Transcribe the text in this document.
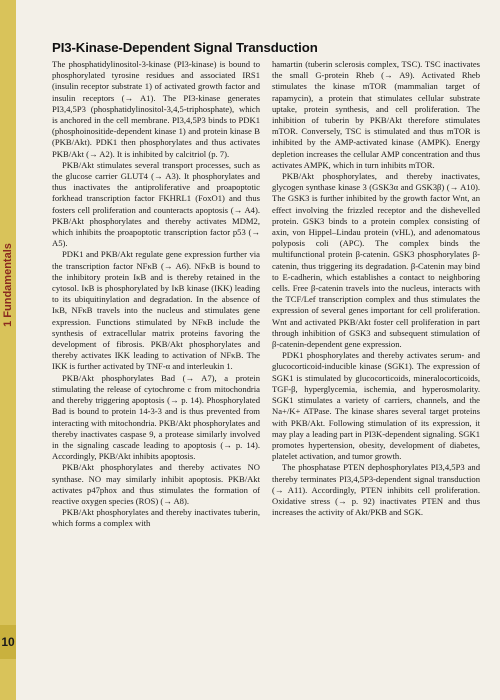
1 Fundamentals
10
PI3-Kinase-Dependent Signal Transduction

The phosphatidylinositol-3-kinase (PI3-kinase) is bound to phosphorylated tyrosine residues and associated IRS1 (insulin receptor substrate 1) of activated growth factor and insulin receptors (→ A1). The PI3-kinase generates PI3,4,5P3 (phosphatidylinositol-3,4,5-triphosphate), which is anchored in the cell membrane. PI3,4,5P3 binds to PDK1 (phosphoinositide-dependent kinase 1) and protein kinase B (PKB/Akt). PDK1 then phosphorylates and thus activates PKB/Akt (→ A2). It is inhibited by calcitriol (p. 7).

PKB/Akt stimulates several transport processes, such as the glucose carrier GLUT4 (→ A3). It phosphorylates and thus inactivates the antiproliferative and proapoptotic forkhead transcription factor FKHRL1 (FoxO1) and thus fosters cell proliferation and counteracts apoptosis (→ A4). PKB/Akt phosphorylates and thereby activates MDM2, which inhibits the proapoptotic transcription factor p53 (→ A5).

PDK1 and PKB/Akt regulate gene expression further via the transcription factor NFκB (→ A6). NFκB is bound to the inhibitory protein IκB and is thereby retained in the cytosol. IκB is phosphorylated by IκB kinase (IKK) leading to its ubiquitinylation and degradation. In the absence of IκB, NFκB travels into the nucleus and stimulates gene expression. Functions stimulated by NFκB include the synthesis of extracellular matrix proteins favoring the development of fibrosis. PKB/Akt phosphorylates and thereby activates IKK leading to activation of NFκB. The IKK is further activated by TNF-α and interleukin 1.

PKB/Akt phosphorylates Bad (→ A7), a protein stimulating the release of cytochrome c from mitochondria and thereby triggering apoptosis (→ p. 14). Phosphorylated Bad is bound to protein 14-3-3 and is thus prevented from interacting with mitochondria. PKB/Akt phosphorylates and thereby inactivates caspase 9, a protease similarly involved in the signaling cascade leading to apoptosis (→ p. 14). Accordingly, PKB/Akt inhibits apoptosis.

PKB/Akt phosphorylates and thereby activates NO synthase. NO may similarly inhibit apoptosis. PKB/Akt activates p47phox and thus stimulates the formation of reactive oxygen species (ROS) (→ A8).

PKB/Akt phosphorylates and thereby inactivates tuberin, which forms a complex with

hamartin (tuberin sclerosis complex, TSC). TSC inactivates the small G-protein Rheb (→ A9). Activated Rheb stimulates the kinase mTOR (mammalian target of rapamycin), a protein that stimulates cellular substrate uptake, protein synthesis, and cell proliferation. The inhibition of tuberin by PKB/Akt therefore stimulates mTOR. Conversely, TSC is stimulated and thus mTOR is inhibited by the AMP-activated kinase (AMPK). Energy depletion increases the cellular AMP concentration and thus activates AMPK, which in turn inhibits mTOR.

PKB/Akt phosphorylates, and thereby inactivates, glycogen synthase kinase 3 (GSK3α and GSK3β) (→ A10). The GSK3 is further inhibited by the growth factor Wnt, an effect involving the frizzled receptor and the dishevelled protein. GSK3 binds to a protein complex consisting of axin, von Hippel–Lindau protein (vHL), and adenomatous polyposis coli (APC). The complex binds the multifunctional protein β-catenin. GSK3 phosphorylates β-catenin, thus triggering its degradation. β-Catenin may bind to E-cadherin, which establishes a contact to neighboring cells. Free β-catenin travels into the nucleus, interacts with the TCF/Lef transcription complex and thus stimulates the expression of several genes important for cell proliferation. Wnt and activated PKB/Akt foster cell proliferation in part through inhibition of GSK3 and subsequent stimulation of β-catenin-dependent gene expression.

PDK1 phosphorylates and thereby activates serum- and glucocorticoid-inducible kinase (SGK1). The expression of SGK1 is stimulated by glucocorticoids, mineralocorticoids, TGF-β, hyperglycemia, ischemia, and hyperosmolarity. SGK1 stimulates a variety of carriers, channels, and the Na+/K+ ATPase. The kinase shares several target proteins with PKB/Akt. Following stimulation of its expression, it may play a leading part in PI3K-dependent signaling. SGK1 promotes hypertension, obesity, development of diabetes, platelet activation, and tumor growth.

The phosphatase PTEN dephosphorylates PI3,4,5P3 and thereby terminates PI3,4,5P3-dependent signal transduction (→ A11). Accordingly, PTEN inhibits cell proliferation. Oxidative stress (→ p. 92) inactivates PTEN and thus increases the activity of Akt/PKB and SGK.
